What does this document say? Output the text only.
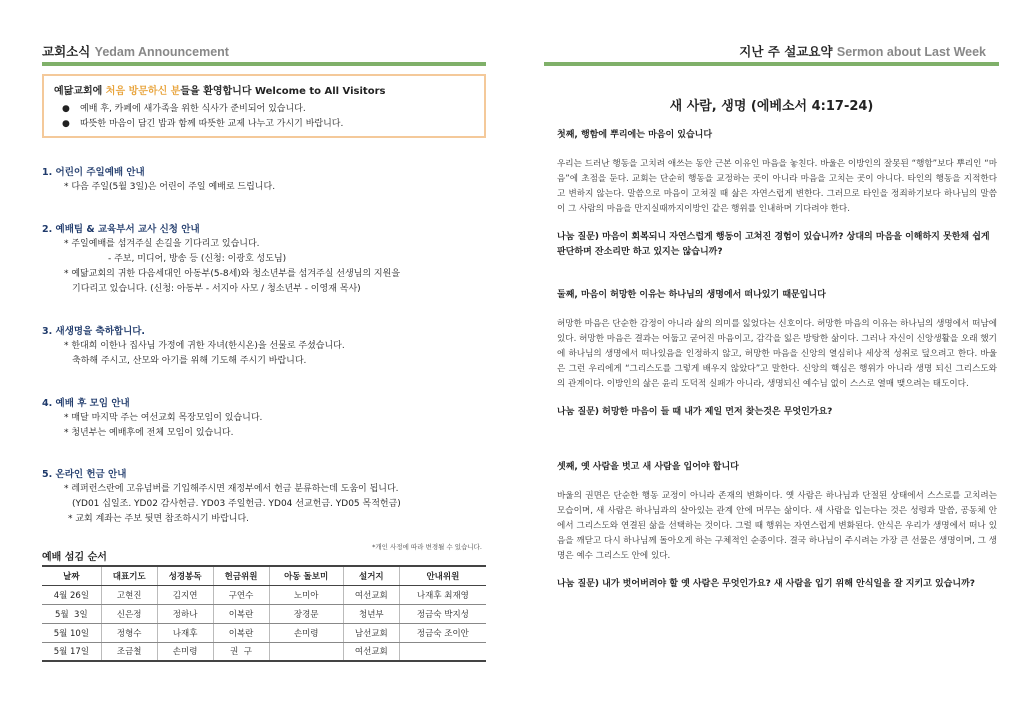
교회소식 Yedam Announcement
예닮교회에 처음 방문하신 분들을 환영합니다 Welcome to All Visitors
● 예배 후, 카페에 새가족을 위한 식사가 준비되어 있습니다.
● 따뜻한 마음이 담긴 밥과 함께 따뜻한 교제 나누고 가시기 바랍니다.
1. 어린이 주일예배 안내
* 다음 주일(5월 3일)은 어린이 주일 예배로 드립니다.
2. 예배팀 & 교육부서 교사 신청 안내
* 주일예배를 섬겨주실 손길을 기다리고 있습니다.
- 주보, 미디어, 방송 등 (신청: 이광호 성도님)
* 예닮교회의 귀한 다음세대인 아동부(5-8세)와 청소년부를 섬겨주실 선생님의 지원을
기다리고 있습니다. (신청: 아동부 - 서지아 사모 / 청소년부 - 이영재 목사)
3. 새생명을 축하합니다.
* 한대희 이한나 집사님 가정에 귀한 자녀(한시온)을 선물로 주셨습니다.
축하해 주시고, 산모와 아기를 위해 기도해 주시기 바랍니다.
4. 예배 후 모임 안내
* 매달 마지막 주는 여선교회 목장모임이 있습니다.
* 청년부는 예배후에 전체 모임이 있습니다.
5. 온라인 헌금 안내
* 레퍼런스란에 고유넘버를 기입해주시면 재정부에서 헌금 분류하는데 도움이 됩니다.
(YD01 십일조. YD02 감사헌금. YD03 주일헌금. YD04 선교헌금. YD05 목적헌금)
* 교회 계좌는 주보 뒷면 참조하시기 바랍니다.
예배 섬김 순서
*개인 사정에 따라 변경될 수 있습니다.
날짜	대표기도	성경봉독	헌금위원	아동 돌보미	설거지	안내위원
4월 26일	고현진	김지연	구연수	노미아	여선교회	나재후 최재영
5월  3일	신은정	정하나	이복란	장경문	청년부	정금숙 박지성
5월 10일	정형수	나재후	이복란	손미령	남선교회	정금숙 조이안
5월 17일	조금철	손미령	권  구		여선교회	
지난 주 설교요약 Sermon about Last Week
새 사람, 생명 (에베소서 4:17-24)
첫째, 행함에 뿌리에는 마음이 있습니다
우리는 드러난 행동을 고치려 애쓰는 동안 근본 이유인 마음을 놓친다. 바울은 이방인의 잘못된 “행함”보다 뿌리인 “마음”에 초점을 둔다. 교회는 단순히 행동을 교정하는 곳이 아니라 마음을 고치는 곳이 아니다. 타인의 행동을 지적한다고 변하지 않는다. 말씀으로 마음이 고쳐질 때 삶은 자연스럽게 변한다. 그러므로 타인을 정죄하기보다 하나님의 말씀이 그 사람의 마음을 만지실때까지이방인 같은 행위를 인내하며 기다려야 한다.
나눔 질문) 마음이 회복되니 자연스럽게 행동이 고쳐진 경험이 있습니까? 상대의 마음을 이해하지 못한채 쉽게 판단하며 잔소리만 하고 있지는 않습니까?
둘째, 마음이 허망한 이유는 하나님의 생명에서 떠나있기 때문입니다
허망한 마음은 단순한 감정이 아니라 삶의 의미를 잃었다는 신호이다. 허망한 마음의 이유는 하나님의 생명에서 떠남에 있다. 허망한 마음은 결과는 어둡고 굳어진 마음이고, 감각을 잃은 방탕한 삶이다. 그러나 자신이 신앙생활을 오래 했기에 하나님의 생명에서 떠나있음을 인정하지 않고, 허망한 마음을 신앙의 열심히나 세상적 성취로 덮으려고 한다. 바울은 그런 우리에게 “그리스도를 그렇게 배우지 않았다”고 말한다. 신앙의 핵심은 행위가 아니라 생명 되신 그리스도와의 관계이다. 이방인의 삶은 윤리 도덕적 실패가 아니라, 생명되신 예수님 없이 스스로 열매 맺으려는 태도이다.
나눔 질문) 허망한 마음이 들 때 내가 제일 먼저 찾는것은 무엇인가요?
셋째, 옛 사람을 벗고 새 사람을 입어야 합니다
바울의 권면은 단순한 행동 교정이 아니라 존재의 변화이다. 옛 사람은 하나님과 단절된 상태에서 스스로를 고치려는 모습이며, 새 사람은 하나님과의 살아있는 관계 안에 머무는 삶이다. 새 사람을 입는다는 것은 성령과 말씀, 공동체 안에서 그리스도와 연결된 삶을 선택하는 것이다. 그럴 때 행위는 자연스럽게 변화된다. 안식은 우리가 생명에서 떠나 있음을 깨닫고 다시 하나님께 돌아오게 하는 구체적인 순종이다. 결국 하나님이 주시려는 가장 큰 선물은 생명이며, 그 생명은 예수 그리스도 안에 있다.
나눔 질문) 내가 벗어버려야 할 옛 사람은 무엇인가요? 새 사람을 입기 위해 안식일을 잘 지키고 있습니까?
